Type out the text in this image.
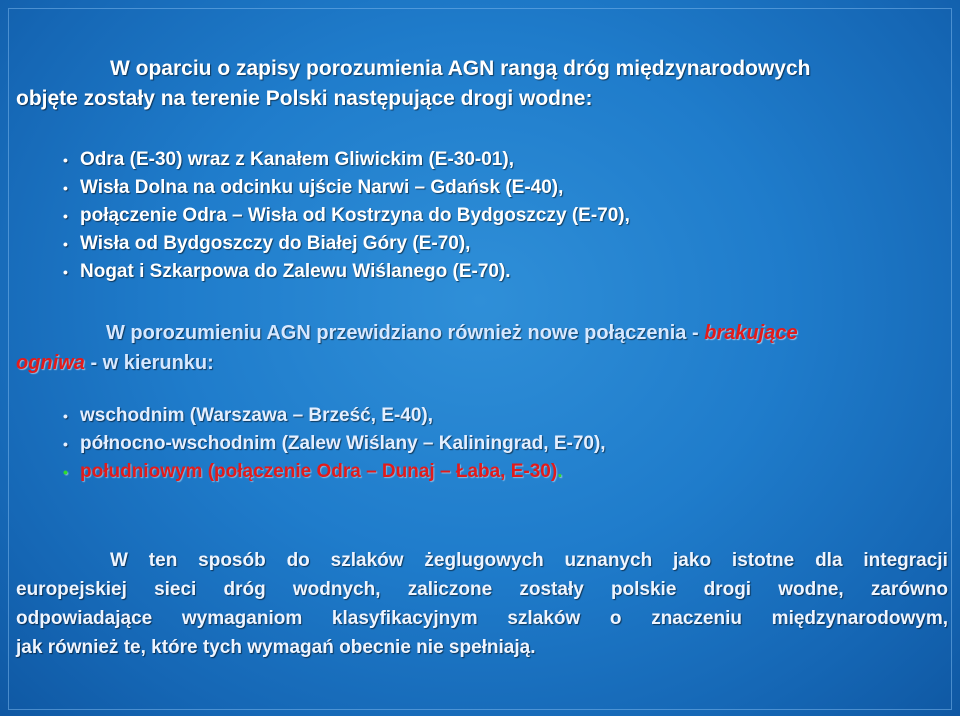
W oparciu o zapisy porozumienia AGN rangą dróg międzynarodowych
objęte zostały na terenie Polski następujące drogi wodne:

• Odra (E-30) wraz z Kanałem Gliwickim (E-30-01),
• Wisła Dolna na odcinku ujście Narwi – Gdańsk (E-40),
• połączenie Odra – Wisła od Kostrzyna do Bydgoszczy (E-70),
• Wisła od Bydgoszczy do Białej Góry (E-70),
• Nogat i Szkarpowa do Zalewu Wiślanego (E-70).

W porozumieniu AGN przewidziano również nowe połączenia - brakujące
ogniwa - w kierunku:

• wschodnim (Warszawa – Brześć, E-40),
• północno-wschodnim (Zalew Wiślany – Kaliningrad, E-70),
• południowym (połączenie Odra – Dunaj – Łaba, E-30).
W ten sposób do szlaków żeglugowych uznanych jako istotne dla integracji
europejskiej sieci dróg wodnych, zaliczone zostały polskie drogi wodne, zarówno
odpowiadające wymaganiom klasyfikacyjnym szlaków o znaczeniu międzynarodowym,
jak również te, które tych wymagań obecnie nie spełniają.
